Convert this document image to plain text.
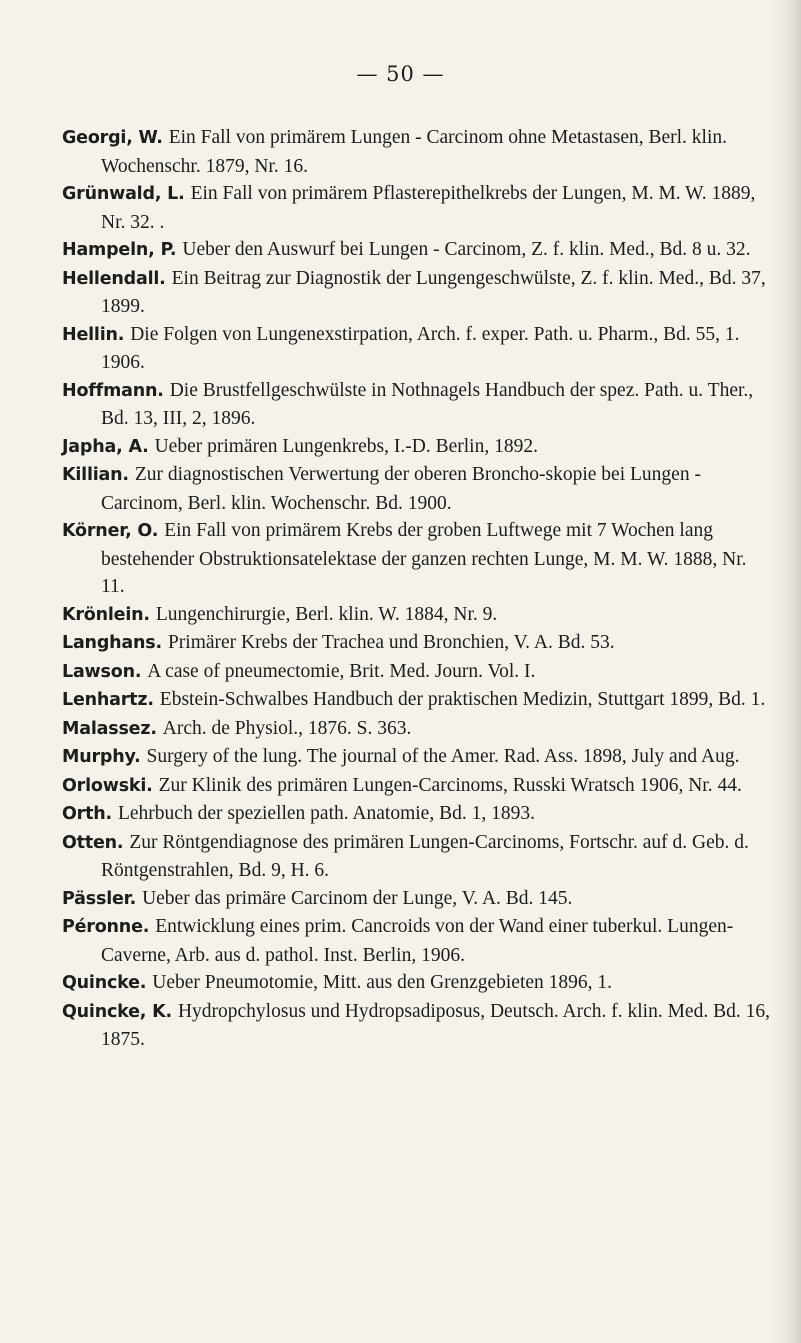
— 50 —

Georgi, W. Ein Fall von primärem Lungen - Carcinom ohne Metastasen, Berl. klin. Wochenschr. 1879, Nr. 16.

Grünwald, L. Ein Fall von primärem Pflasterepithelkrebs der Lungen, M. M. W. 1889, Nr. 32. .

Hampeln, P. Ueber den Auswurf bei Lungen - Carcinom, Z. f. klin. Med., Bd. 8 u. 32.

Hellendall. Ein Beitrag zur Diagnostik der Lungengeschwülste, Z. f. klin. Med., Bd. 37, 1899.

Hellin. Die Folgen von Lungenexstirpation, Arch. f. exper. Path. u. Pharm., Bd. 55, 1. 1906.

Hoffmann. Die Brustfellgeschwülste in Nothnagels Handbuch der spez. Path. u. Ther., Bd. 13, III, 2, 1896.

Japha, A. Ueber primären Lungenkrebs, I.-D. Berlin, 1892.

Killian. Zur diagnostischen Verwertung der oberen Broncho-skopie bei Lungen - Carcinom, Berl. klin. Wochenschr. Bd. 1900.

Körner, O. Ein Fall von primärem Krebs der groben Luftwege mit 7 Wochen lang bestehender Obstruktionsatelektase der ganzen rechten Lunge, M. M. W. 1888, Nr. 11.

Krönlein. Lungenchirurgie, Berl. klin. W. 1884, Nr. 9.

Langhans. Primärer Krebs der Trachea und Bronchien, V. A. Bd. 53.

Lawson. A case of pneumectomie, Brit. Med. Journ. Vol. I.

Lenhartz. Ebstein-Schwalbes Handbuch der praktischen Medizin, Stuttgart 1899, Bd. 1.

Malassez. Arch. de Physiol., 1876. S. 363.

Murphy. Surgery of the lung. The journal of the Amer. Rad. Ass. 1898, July and Aug.

Orlowski. Zur Klinik des primären Lungen-Carcinoms, Russki Wratsch 1906, Nr. 44.

Orth. Lehrbuch der speziellen path. Anatomie, Bd. 1, 1893.

Otten. Zur Röntgendiagnose des primären Lungen-Carcinoms, Fortschr. auf d. Geb. d. Röntgenstrahlen, Bd. 9, H. 6.

Pässler. Ueber das primäre Carcinom der Lunge, V. A. Bd. 145.

Péronne. Entwicklung eines prim. Cancroids von der Wand einer tuberkul. Lungen-Caverne, Arb. aus d. pathol. Inst. Berlin, 1906.

Quincke. Ueber Pneumotomie, Mitt. aus den Grenzgebieten 1896, 1.

Quincke, K. Hydropchylosus und Hydropsadiposus, Deutsch. Arch. f. klin. Med. Bd. 16, 1875.
